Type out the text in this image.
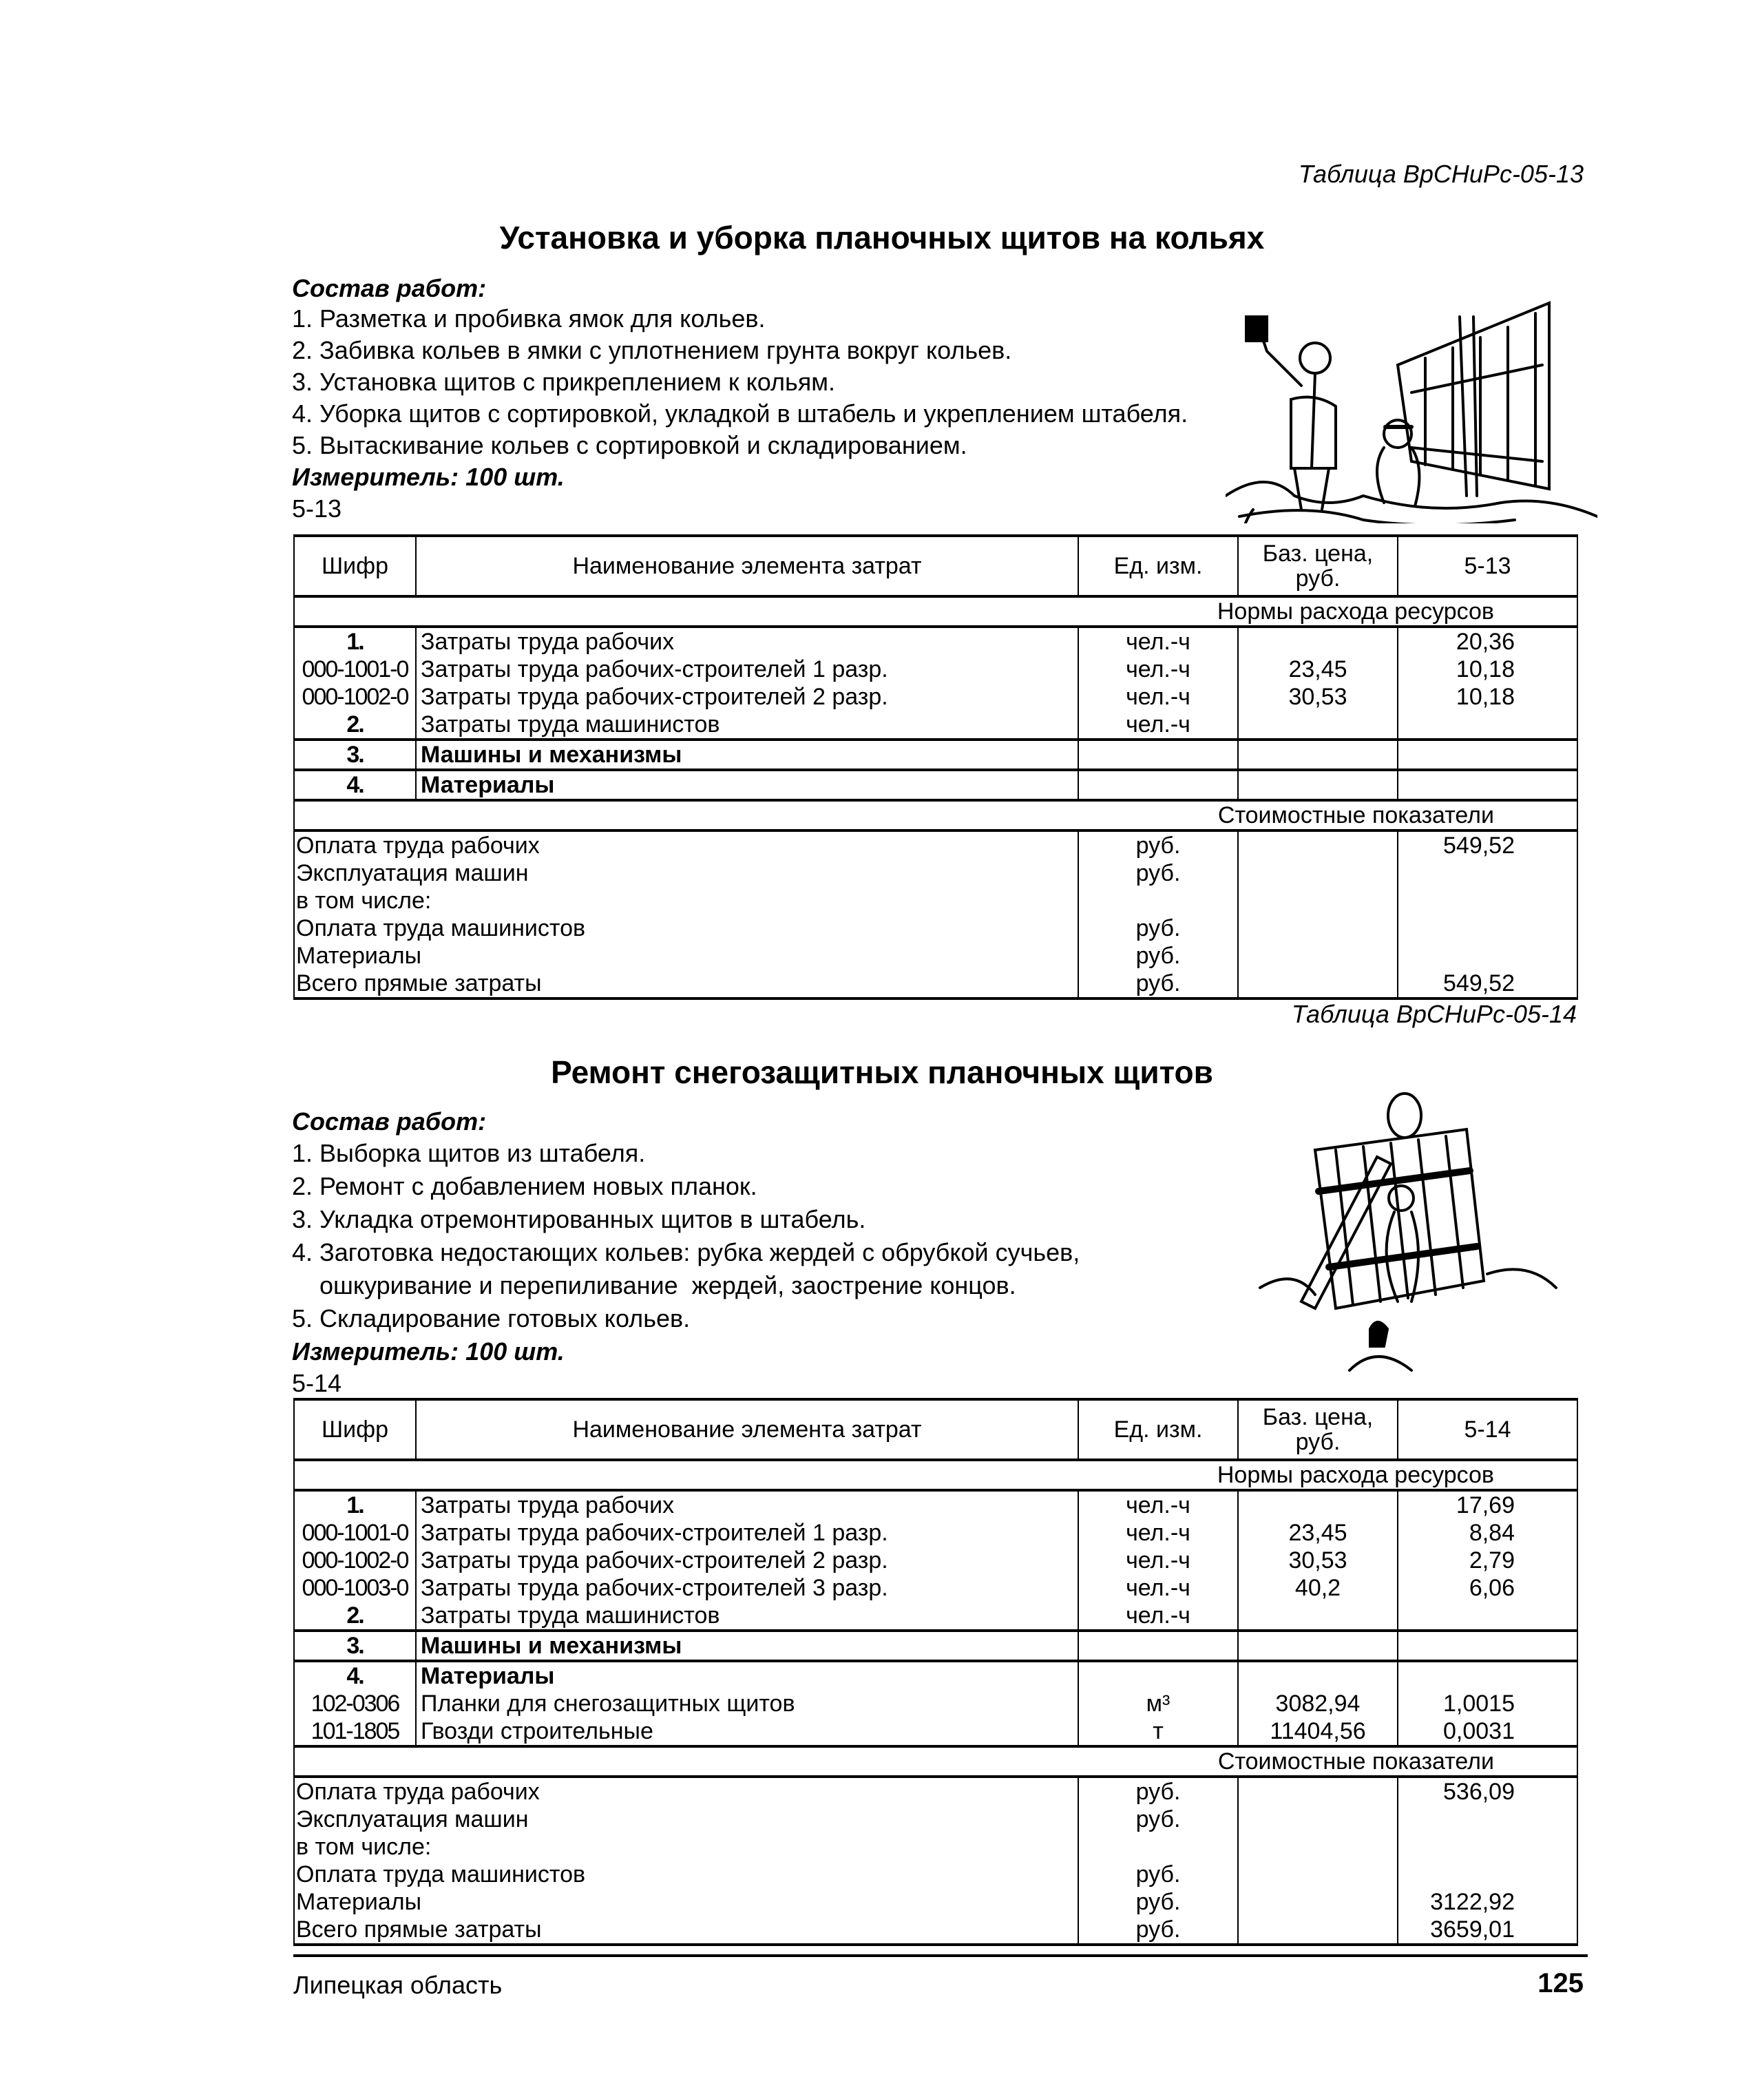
Таблица ВрСНиРс-05-13
Установка и уборка планочных щитов на кольях
Состав работ:
1. Разметка и пробивка ямок для кольев.
2. Забивка кольев в ямки с уплотнением грунта вокруг кольев.
3. Установка щитов с прикреплением к кольям.
4. Уборка щитов с сортировкой, укладкой в штабель и укреплением штабеля.
5. Вытаскивание кольев с сортировкой и складированием.
Измеритель: 100 шт.
5-13
Шифр	Наименование элемента затрат	Ед. изм.	Баз. цена, руб.	5-13
Нормы расхода ресурсов				
1.	Затраты труда рабочих	чел.-ч		20,36
000-1001-0	Затраты труда рабочих-строителей 1 разр.	чел.-ч	23,45	10,18
000-1002-0	Затраты труда рабочих-строителей 2 разр.	чел.-ч	30,53	10,18
2.	Затраты труда машинистов	чел.-ч		
3.	Машины и механизмы			
4.	Материалы			
Стоимостные показатели				
Оплата труда рабочих		руб.		549,52
Эксплуатация машин		руб.		
в том числе:				
Оплата труда машинистов		руб.		
Материалы		руб.		
Всего прямые затраты		руб.		549,52
Таблица ВрСНиРс-05-14
Ремонт снегозащитных планочных щитов
Состав работ:
1. Выборка щитов из штабеля.
2. Ремонт с добавлением новых планок.
3. Укладка отремонтированных щитов в штабель.
4. Заготовка недостающих кольев: рубка жердей с обрубкой сучьев,
ошкуривание и перепиливание  жердей, заострение концов.
5. Складирование готовых кольев.
Измеритель: 100 шт.
5-14
Шифр	Наименование элемента затрат	Ед. изм.	Баз. цена, руб.	5-14
Нормы расхода ресурсов				
1.	Затраты труда рабочих	чел.-ч		17,69
000-1001-0	Затраты труда рабочих-строителей 1 разр.	чел.-ч	23,45	8,84
000-1002-0	Затраты труда рабочих-строителей 2 разр.	чел.-ч	30,53	2,79
000-1003-0	Затраты труда рабочих-строителей 3 разр.	чел.-ч	40,2	6,06
2.	Затраты труда машинистов	чел.-ч		
3.	Машины и механизмы			
4.	Материалы			
102-0306	Планки для снегозащитных щитов	м³	3082,94	1,0015
101-1805	Гвозди строительные	т	11404,56	0,0031
Стоимостные показатели				
Оплата труда рабочих		руб.		536,09
Эксплуатация машин		руб.		
в том числе:				
Оплата труда машинистов		руб.		
Материалы		руб.		3122,92
Всего прямые затраты		руб.		3659,01
Липецкая область	125
